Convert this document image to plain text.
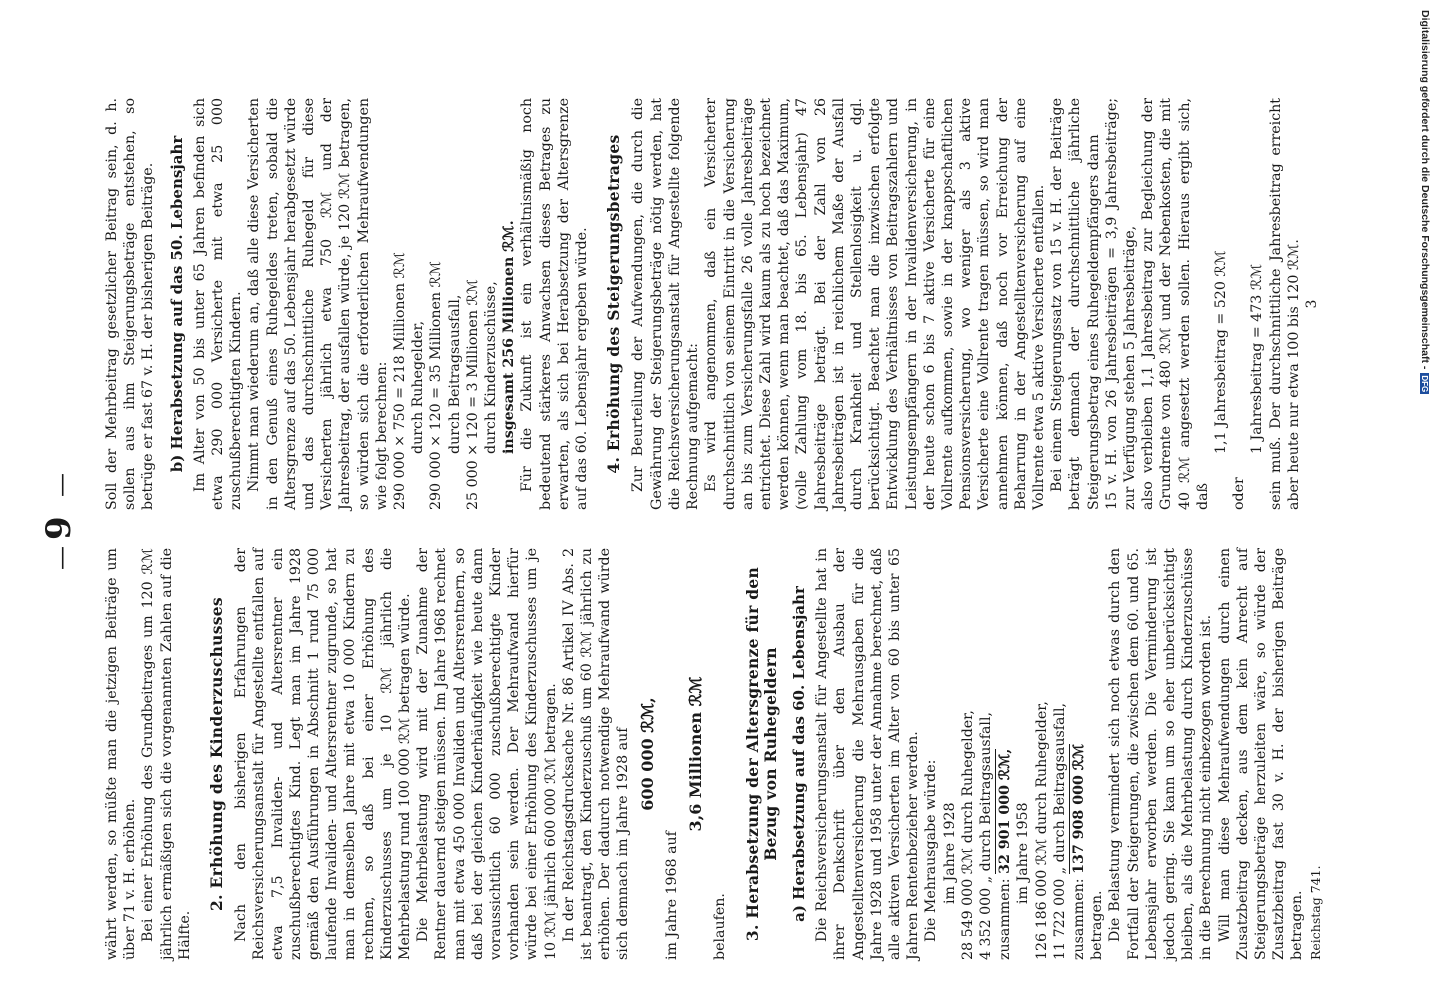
—
9
—

währt werden, so müßte man die jetzigen Beiträge um über 71 v. H. erhöhen. Bei einer Erhöhung des Grundbeitrages um 120 ℛℳ jährlich ermäßigen sich die vorgenannten Zahlen auf die Hälfte.

2. Erhöhung des Kinderzuschusses Nach den bisherigen Erfahrungen der Reichsversicherungsanstalt für Angestellte entfallen auf etwa 7,5 Invaliden- und Altersrentner ein zuschußberechtigtes Kind. Legt man im Jahre 1928 gemäß den Ausführungen in Abschnitt 1 rund 75 000 laufende Invaliden- und Altersrentner zugrunde, so hat man in demselben Jahre mit etwa 10 000 Kindern zu rechnen, so daß bei einer Erhöhung des Kinderzuschusses um je 10 ℛℳ jährlich die Mehrbelastung rund 100 000 ℛℳ betragen würde. Die Mehrbelastung wird mit der Zunahme der Rentner dauernd steigen müssen. Im Jahre 1968 rechnet man mit etwa 450 000 Invaliden und Altersrentnern, so daß bei der gleichen Kinderhäufigkeit wie heute dann voraussichtlich 60 000 zuschußberechtigte Kinder vorhanden sein werden. Der Mehraufwand hierfür würde bei einer Erhöhung des Kinderzuschusses um je 10 ℛℳ jährlich 600 000 ℛℳ betragen. In der Reichstagsdrucksache Nr. 86 Artikel IV Abs. 2 ist beantragt, den Kinderzuschuß um 60 ℛℳ jährlich zu erhöhen. Der dadurch notwendige Mehraufwand würde sich demnach im Jahre 1928 auf 600 000 ℛℳ,

im Jahre 1968 auf

3,6 Millionen ℛℳ

belaufen. 3. Herabsetzung der Altersgrenze für den Bezug von Ruhegeldern a) Herabsetzung auf das 60. Lebensjahr Die Reichsversicherungsanstalt für Angestellte hat in ihrer Denkschrift über den Ausbau der Angestelltenversicherung die Mehrausgaben für die Jahre 1928 und 1958 unter der Annahme berechnet, daß alle aktiven Versicherten im Alter von 60 bis unter 65 Jahren Rentenbezieher werden. Die Mehrausgabe würde: im Jahre 1928 28 549 000 ℛℳ durch Ruhegelder, 4 352 000 „ durch Beitragsausfall, zusammen: 32 901 000 ℛℳ, im Jahre 1958 126 186 000 ℛℳ durch Ruhegelder, 11 722 000 „ durch Beitragsausfall, zusammen: 137 908 000 ℛℳ

betragen. Die Belastung vermindert sich noch etwas durch den Fortfall der Steigerungen, die zwischen dem 60. und 65. Lebensjahr erworben werden. Die Verminderung ist jedoch gering. Sie kann um so eher unberücksichtigt bleiben, als die Mehrbelastung durch Kinderzuschüsse in die Berechnung nicht einbezogen worden ist. Will man diese Mehraufwendungen durch einen Zusatzbeitrag decken, aus dem kein Anrecht auf Steigerungsbeträge herzuleiten wäre, so würde der Zusatzbeitrag fast 30 v. H. der bisherigen Beiträge betragen. Reichstag 741.

Soll der Mehrbeitrag gesetzlicher Beitrag sein, d. h. sollen aus ihm Steigerungsbeträge entstehen, so betrüge er fast 67 v. H. der bisherigen Beiträge. b) Herabsetzung auf das 50. Lebensjahr Im Alter von 50 bis unter 65 Jahren befinden sich etwa 290 000 Versicherte mit etwa 25 000 zuschußberechtigten Kindern. Nimmt man wiederum an, daß alle diese Versicherten in den Genuß eines Ruhegeldes treten, sobald die Altersgrenze auf das 50. Lebensjahr herabgesetzt würde und das durchschnittliche Ruhegeld für diese Versicherten jährlich etwa 750 ℛℳ und der Jahresbeitrag, der ausfallen würde, je 120 ℛℳ betragen, so würden sich die erforderlichen Mehraufwendungen wie folgt berechnen: 290 000 × 750 = 218 Millionen ℛℳ durch Ruhegelder, 290 000 × 120 = 35 Millionen ℛℳ durch Beitragsausfall, 25 000 × 120 = 3 Millionen ℛℳ durch Kinderzuschüsse, insgesamt 256 Millionen ℛℳ. Für die Zukunft ist ein verhältnismäßig noch bedeutend stärkeres Anwachsen dieses Betrages zu erwarten, als sich bei Herabsetzung der Altersgrenze auf das 60. Lebensjahr ergeben würde. 4. Erhöhung des Steigerungsbetrages Zur Beurteilung der Aufwendungen, die durch die Gewährung der Steigerungsbeträge nötig werden, hat die Reichsversicherungsanstalt für Angestellte folgende Rechnung aufgemacht: Es wird angenommen, daß ein Versicherter durchschnittlich von seinem Eintritt in die Versicherung an bis zum Versicherungsfalle 26 volle Jahresbeiträge entrichtet. Diese Zahl wird kaum als zu hoch bezeichnet werden können, wenn man beachtet, daß das Maximum, (volle Zahlung vom 18. bis 65. Lebensjahr) 47 Jahresbeiträge beträgt. Bei der Zahl von 26 Jahresbeiträgen ist in reichlichem Maße der Ausfall durch Krankheit und Stellenlosigkeit u. dgl. berücksichtigt. Beachtet man die inzwischen erfolgte Entwicklung des Verhältnisses von Beitragszahlern und Leistungsempfängern in der Invalidenversicherung, in der heute schon 6 bis 7 aktive Versicherte für eine Vollrente aufkommen, sowie in der knappschaftlichen Pensionsversicherung, wo weniger als 3 aktive Versicherte eine Vollrente tragen müssen, so wird man annehmen können, daß noch vor Erreichung der Beharrung in der Angestelltenversicherung auf eine Vollrente etwa 5 aktive Versicherte entfallen. Bei einem Steigerungssatz von 15 v. H. der Beiträge beträgt demnach der durchschnittliche jährliche Steigerungsbetrag eines Ruhegeldempfängers dann 15 v. H. von 26 Jahresbeiträgen = 3,9 Jahresbeiträge; zur Verfügung stehen 5 Jahresbeiträge, also verbleiben 1,1 Jahresbeitrag zur Begleichung der Grundrente von 480 ℛℳ und der Nebenkosten, die mit 40 ℛℳ angesetzt werden sollen. Hieraus ergibt sich, daß

1,1 Jahresbeitrag = 520 ℛℳ

oder

1 Jahresbeitrag = 473 ℛℳ sein muß. Der durchschnittliche Jahresbeitrag erreicht aber heute nur etwa 100 bis 120 ℛℳ. 3	Digitalisierung gefördert durch die Deutsche Forschungsgemeinschaft -DFG
